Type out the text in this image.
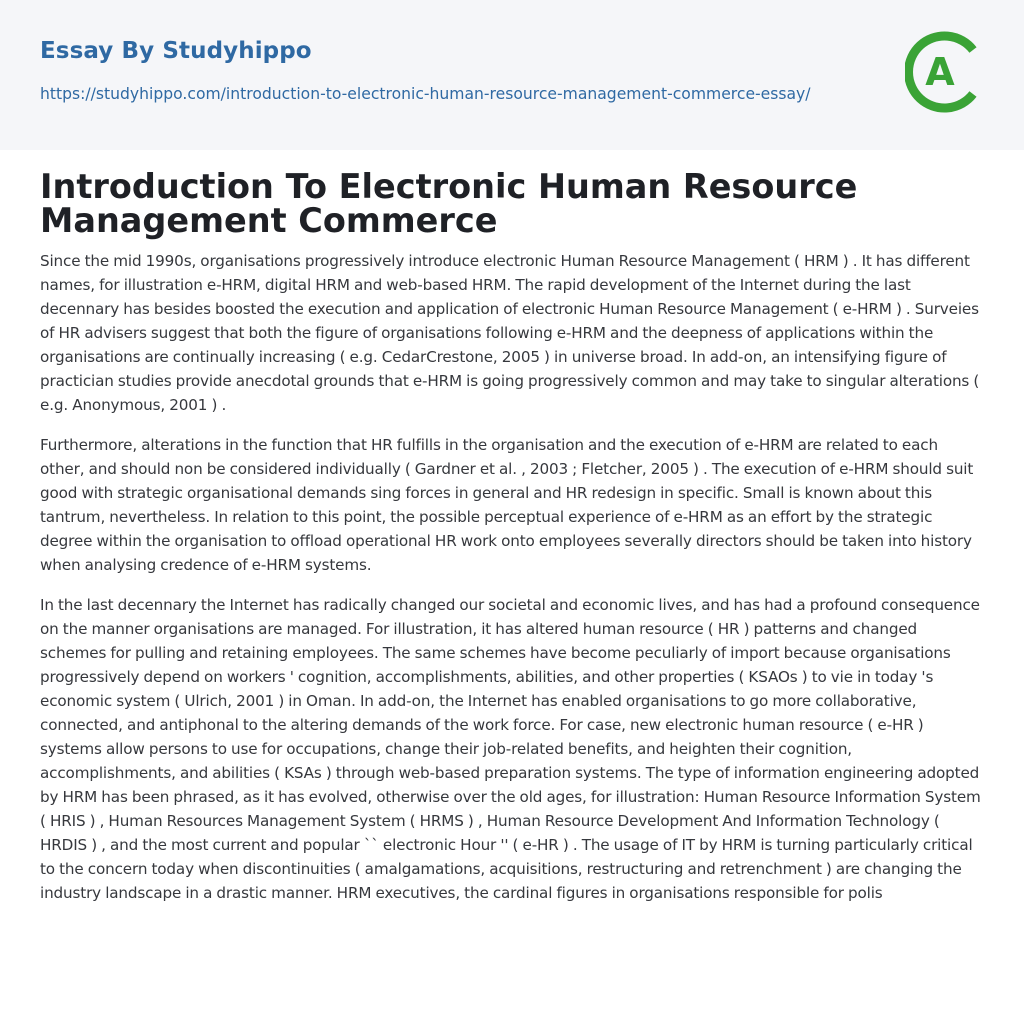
Essay By Studyhippo
https://studyhippo.com/introduction-to-electronic-human-resource-management-commerce-essay/	A
Introduction To Electronic Human Resource Management Commerce

Since the mid 1990s, organisations progressively introduce electronic Human Resource Management ( HRM ) . It has different names, for illustration e-HRM, digital HRM and web-based HRM. The rapid development of the Internet during the last decennary has besides boosted the execution and application of electronic Human Resource Management ( e-HRM ) . Surveies of HR advisers suggest that both the figure of organisations following e-HRM and the deepness of applications within the organisations are continually increasing ( e.g. CedarCrestone, 2005 ) in universe broad. In add-on, an intensifying figure of practician studies provide anecdotal grounds that e-HRM is going progressively common and may take to singular alterations ( e.g. Anonymous, 2001 ) .

Furthermore, alterations in the function that HR fulfills in the organisation and the execution of e-HRM are related to each other, and should non be considered individually ( Gardner et al. , 2003 ; Fletcher, 2005 ) . The execution of e-HRM should suit good with strategic organisational demands sing forces in general and HR redesign in specific. Small is known about this tantrum, nevertheless. In relation to this point, the possible perceptual experience of e-HRM as an effort by the strategic degree within the organisation to offload operational HR work onto employees severally directors should be taken into history when analysing credence of e-HRM systems.

In the last decennary the Internet has radically changed our societal and economic lives, and has had a profound consequence on the manner organisations are managed. For illustration, it has altered human resource ( HR ) patterns and changed schemes for pulling and retaining employees. The same schemes have become peculiarly of import because organisations progressively depend on workers ' cognition, accomplishments, abilities, and other properties ( KSAOs ) to vie in today 's economic system ( Ulrich, 2001 ) in Oman. In add-on, the Internet has enabled organisations to go more collaborative, connected, and antiphonal to the altering demands of the work force. For case, new electronic human resource ( e-HR ) systems allow persons to use for occupations, change their job-related benefits, and heighten their cognition, accomplishments, and abilities ( KSAs ) through web-based preparation systems. The type of information engineering adopted by HRM has been phrased, as it has evolved, otherwise over the old ages, for illustration: Human Resource Information System ( HRIS ) , Human Resources Management System ( HRMS ) , Human Resource Development And Information Technology ( HRDIS ) , and the most current and popular `` electronic Hour '' ( e-HR ) . The usage of IT by HRM is turning particularly critical to the concern today when discontinuities ( amalgamations, acquisitions, restructuring and retrenchment ) are changing the industry landscape in a drastic manner. HRM executives, the cardinal figures in organisations responsible for polis
